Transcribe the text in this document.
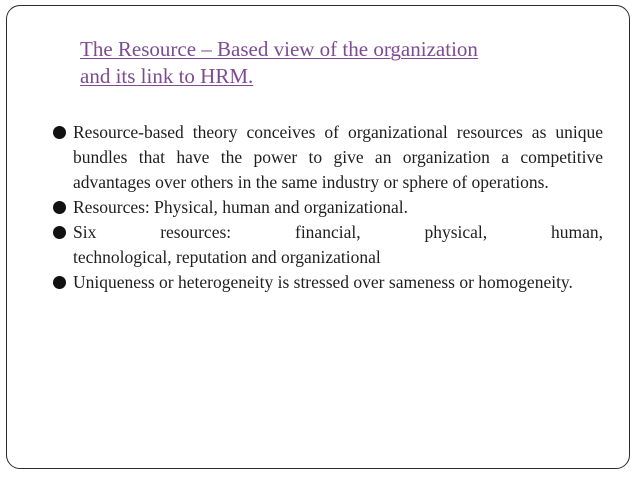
The Resource – Based view of the organization
and its link to HRM.
Resource-based theory conceives of organizational resources as unique bundles that have the power to give an organization a competitive advantages over others in the same industry or sphere of operations.
Resources: Physical, human and organizational.
Six resources: financial, physical, human,
technological, reputation and organizational
Uniqueness or heterogeneity is stressed over sameness or homogeneity.
